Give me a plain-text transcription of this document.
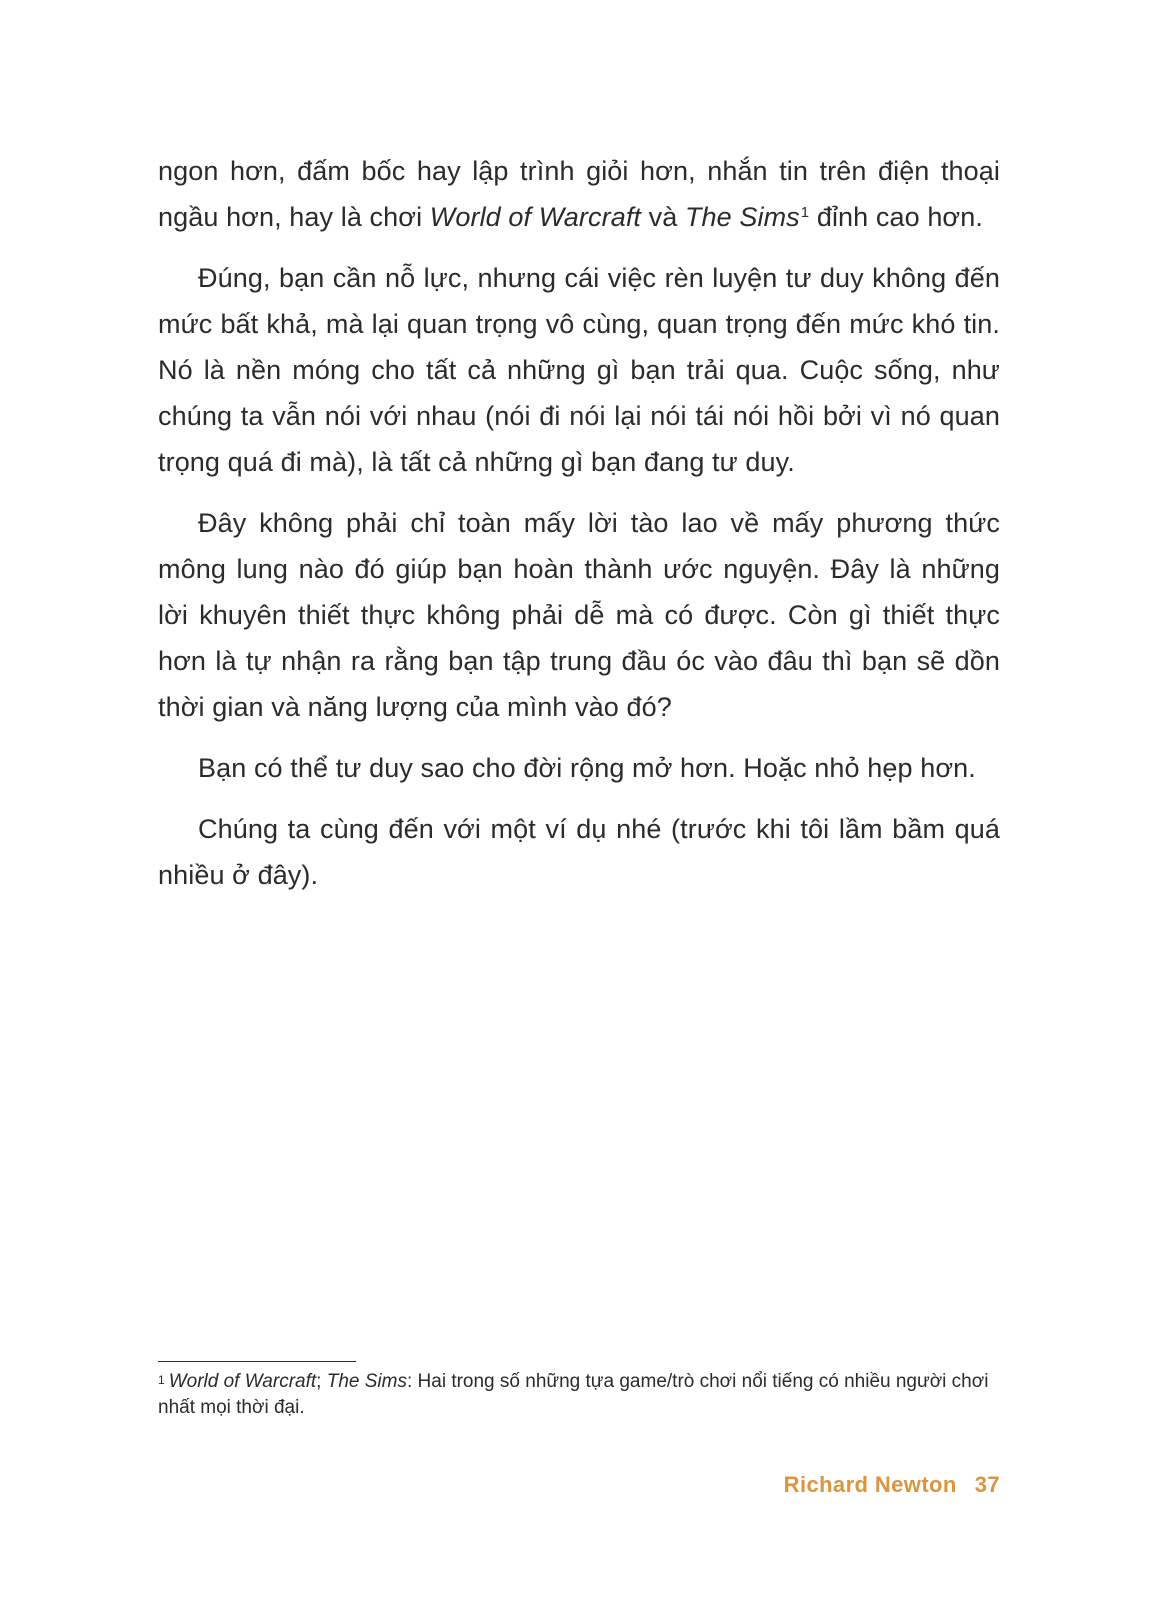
ngon hơn, đấm bốc hay lập trình giỏi hơn, nhắn tin trên điện thoại ngầu hơn, hay là chơi World of Warcraft và The Sims$^1$ đỉnh cao hơn.

Đúng, bạn cần nỗ lực, nhưng cái việc rèn luyện tư duy không đến mức bất khả, mà lại quan trọng vô cùng, quan trọng đến mức khó tin. Nó là nền móng cho tất cả những gì bạn trải qua. Cuộc sống, như chúng ta vẫn nói với nhau (nói đi nói lại nói tái nói hồi bởi vì nó quan trọng quá đi mà), là tất cả những gì bạn đang tư duy.

Đây không phải chỉ toàn mấy lời tào lao về mấy phương thức mông lung nào đó giúp bạn hoàn thành ước nguyện. Đây là những lời khuyên thiết thực không phải dễ mà có được. Còn gì thiết thực hơn là tự nhận ra rằng bạn tập trung đầu óc vào đâu thì bạn sẽ dồn thời gian và năng lượng của mình vào đó?

Bạn có thể tư duy sao cho đời rộng mở hơn. Hoặc nhỏ hẹp hơn.

Chúng ta cùng đến với một ví dụ nhé (trước khi tôi lầm bầm quá nhiều ở đây).

$^1$ World of Warcraft; The Sims: Hai trong số những tựa game/trò chơi nổi tiếng có nhiều người chơi nhất mọi thời đại.
Richard Newton 37
